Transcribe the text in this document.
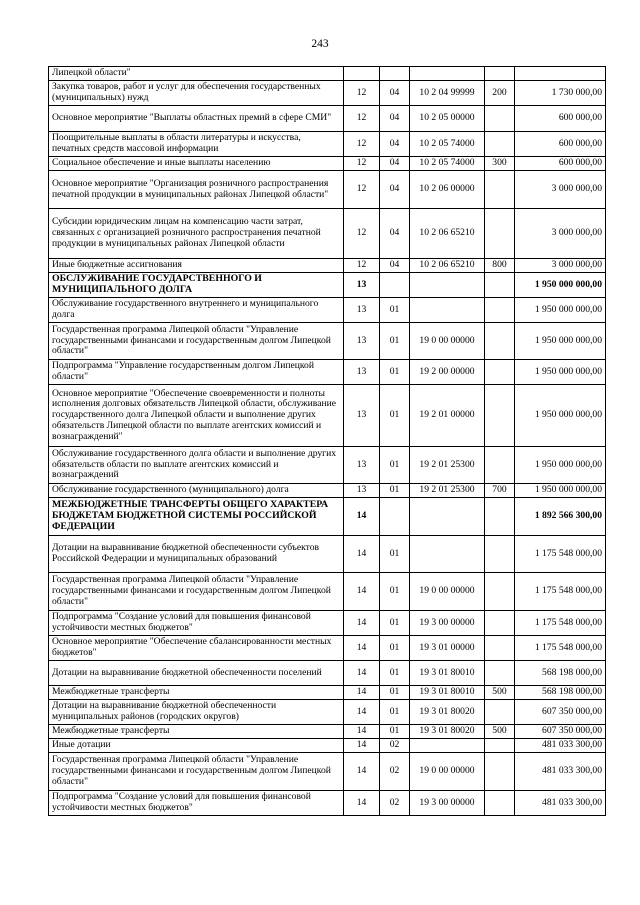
243
Липецкой области"					
Закупка товаров, работ и услуг для обеспечения государственных (муниципальных) нужд	12	04	10 2 04 99999	200	1 730 000,00
Основное мероприятие "Выплаты областных премий в сфере СМИ"	12	04	10 2 05 00000		600 000,00
Поощрительные выплаты в области литературы и искусства, печатных средств массовой информации	12	04	10 2 05 74000		600 000,00
Социальное обеспечение и иные выплаты населению	12	04	10 2 05 74000	300	600 000,00
Основное мероприятие "Организация розничного распространения печатной продукции в муниципальных районах Липецкой области"	12	04	10 2 06 00000		3 000 000,00
Субсидии юридическим лицам на компенсацию части затрат, связанных с организацией розничного распространения печатной продукции в муниципальных районах Липецкой области	12	04	10 2 06 65210		3 000 000,00
Иные бюджетные ассигнования	12	04	10 2 06 65210	800	3 000 000,00
ОБСЛУЖИВАНИЕ ГОСУДАРСТВЕННОГО И МУНИЦИПАЛЬНОГО ДОЛГА	13				1 950 000 000,00
Обслуживание государственного внутреннего и муниципального долга	13	01			1 950 000 000,00
Государственная программа Липецкой области "Управление государственными финансами и государственным долгом Липецкой области"	13	01	19 0 00 00000		1 950 000 000,00
Подпрограмма "Управление государственным долгом Липецкой области"	13	01	19 2 00 00000		1 950 000 000,00
Основное мероприятие "Обеспечение своевременности и полноты исполнения долговых обязательств Липецкой области, обслуживание государственного долга Липецкой области и выполнение других обязательств Липецкой области по выплате агентских комиссий и вознаграждений"	13	01	19 2 01 00000		1 950 000 000,00
Обслуживание государственного долга области и выполнение других обязательств области по выплате агентских комиссий и вознаграждений	13	01	19 2 01 25300		1 950 000 000,00
Обслуживание государственного (муниципального) долга	13	01	19 2 01 25300	700	1 950 000 000,00
МЕЖБЮДЖЕТНЫЕ ТРАНСФЕРТЫ ОБЩЕГО ХАРАКТЕРА БЮДЖЕТАМ БЮДЖЕТНОЙ СИСТЕМЫ РОССИЙСКОЙ ФЕДЕРАЦИИ	14				1 892 566 300,00
Дотации на выравнивание бюджетной обеспеченности субъектов Российской Федерации и муниципальных образований	14	01			1 175 548 000,00
Государственная программа Липецкой области "Управление государственными финансами и государственным долгом Липецкой области"	14	01	19 0 00 00000		1 175 548 000,00
Подпрограмма "Создание условий для повышения финансовой устойчивости местных бюджетов"	14	01	19 3 00 00000		1 175 548 000,00
Основное мероприятие "Обеспечение сбалансированности местных бюджетов"	14	01	19 3 01 00000		1 175 548 000,00
Дотации на выравнивание бюджетной обеспеченности поселений	14	01	19 3 01 80010		568 198 000,00
Межбюджетные трансферты	14	01	19 3 01 80010	500	568 198 000,00
Дотации на выравнивание бюджетной обеспеченности муниципальных районов (городских округов)	14	01	19 3 01 80020		607 350 000,00
Межбюджетные трансферты	14	01	19 3 01 80020	500	607 350 000,00
Иные дотации	14	02			481 033 300,00
Государственная программа Липецкой области "Управление государственными финансами и государственным долгом Липецкой области"	14	02	19 0 00 00000		481 033 300,00
Подпрограмма "Создание условий для повышения финансовой устойчивости местных бюджетов"	14	02	19 3 00 00000		481 033 300,00
